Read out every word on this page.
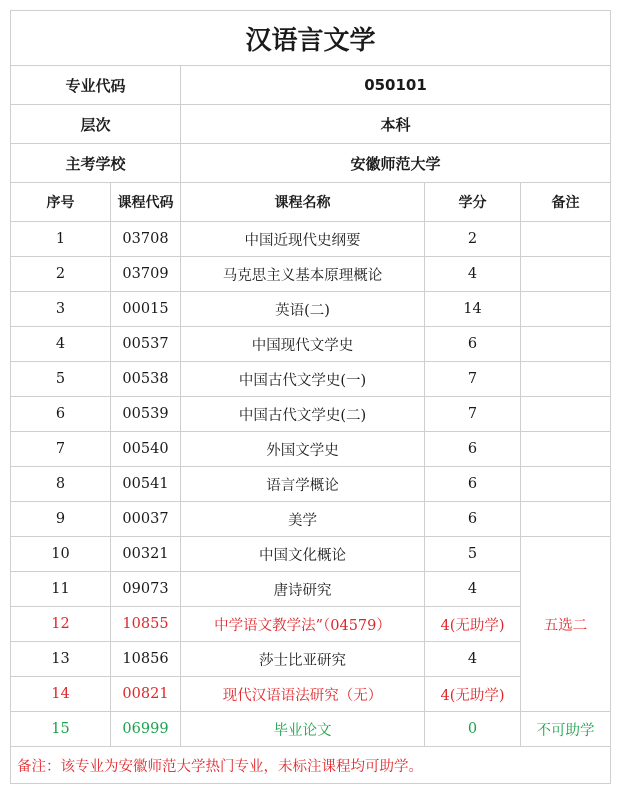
汉语言文学				
专业代码		050101		
层次		本科		
主考学校		安徽师范大学		
序号	课程代码	课程名称	学分	备注
1	03708	中国近现代史纲要	2	
2	03709	马克思主义基本原理概论	4	
3	00015	英语(二)	14	
4	00537	中国现代文学史	6	
5	00538	中国古代文学史(一)	7	
6	00539	中国古代文学史(二)	7	
7	00540	外国文学史	6	
8	00541	语言学概论	6	
9	00037	美学	6	
10	00321	中国文化概论	5	五选二
11	09073	唐诗研究	4	
12	10855	中学语文教学法”（04579）	4(无助学)	
13	10856	莎士比亚研究	4	
14	00821	现代汉语语法研究（无）	4(无助学)	
15	06999	毕业论文	0	不可助学
备注：该专业为安徽师范大学热门专业，未标注课程均可助学。				
